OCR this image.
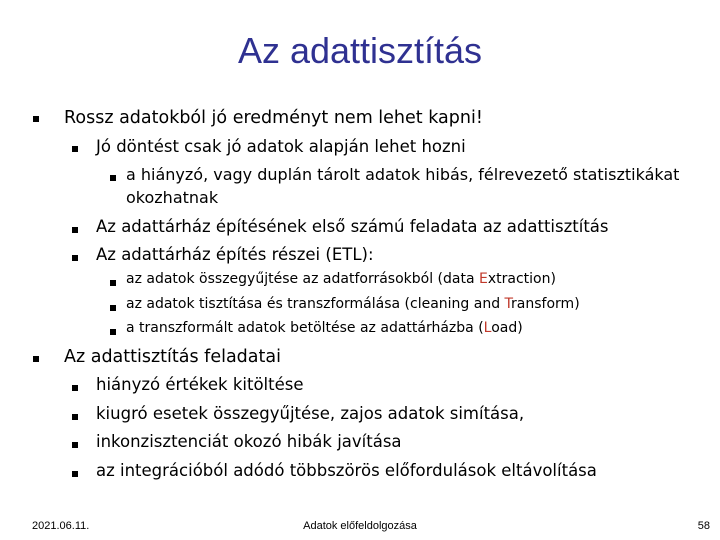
Az adattisztítás
Rossz adatokból jó eredményt nem lehet kapni!
Jó döntést csak jó adatok alapján lehet hozni
a hiányzó, vagy duplán tárolt adatok hibás, félrevezető statisztikákat
okozhatnak
Az adattárház építésének első számú feladata az adattisztítás
Az adattárház építés részei (ETL):
az adatok összegyűjtése az adatforrásokból (data Extraction)
az adatok tisztítása és transzformálása (cleaning and Transform)
a transzformált adatok betöltése az adattárházba (Load)
Az adattisztítás feladatai
hiányzó értékek kitöltése
kiugró esetek összegyűjtése, zajos adatok simítása,
inkonzisztenciát okozó hibák javítása
az integrációból adódó többszörös előfordulások eltávolítása
2021.06.11.	Adatok előfeldolgozása	58
